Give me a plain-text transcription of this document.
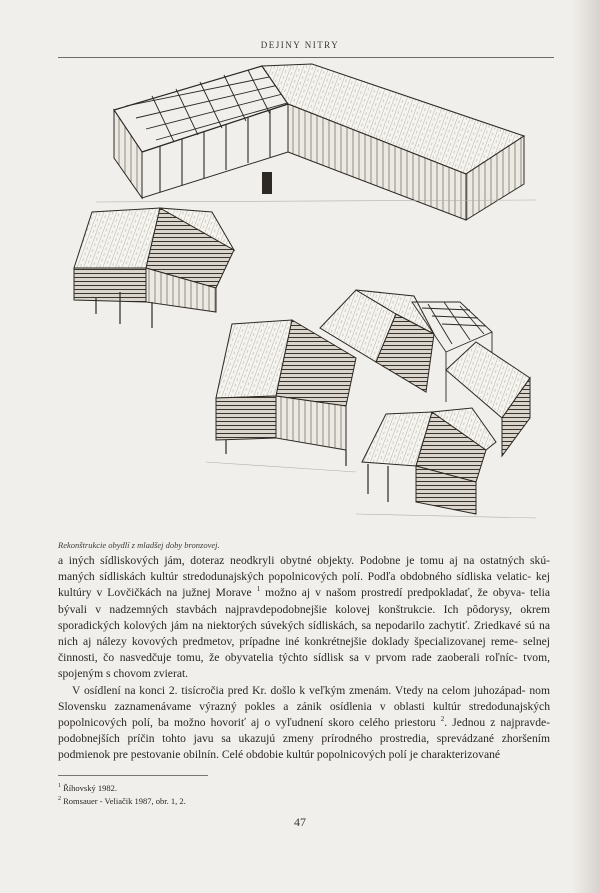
DEJINY NITRY
Rekonštrukcie obydlí z mladšej doby bronzovej.

a iných sídliskových jám, doteraz neodkryli obytné objekty. Podobne je tomu aj na ostatných skú- maných sídliskách kultúr stredodunajských popolnicových polí. Podľa obdobného sídliska velatic- kej kultúry v Lovčičkách na južnej Morave $^1$ možno aj v našom prostredí predpokladať, že obyva- telia bývali v nadzemných stavbách najpravdepodobnejšie kolovej konštrukcie. Ich pôdorysy, okrem sporadických kolových jám na niektorých súvekých sídliskách, sa nepodarilo zachytiť. Zriedkavé sú na nich aj nálezy kovových predmetov, prípadne iné konkrétnejšie doklady špecializovanej reme- selnej činnosti, čo nasvedčuje tomu, že obyvatelia týchto sídlisk sa v prvom rade zaoberali roľníc- tvom, spojeným s chovom zvierat.

V osídlení na konci 2. tisícročia pred Kr. došlo k veľkým zmenám. Vtedy na celom juhozápad- nom Slovensku zaznamenávame výrazný pokles a zánik osídlenia v oblasti kultúr stredodunajských popolnicových polí, ba možno hovoriť aj o vyľudnení skoro celého priestoru $^2$. Jednou z najpravde- podobnejších príčin tohto javu sa ukazujú zmeny prírodného prostredia, sprevádzané zhoršením podmienok pre pestovanie obilnín. Celé obdobie kultúr popolnicových polí je charakterizované

$^1$ Říhovský 1982.
$^2$ Romsauer - Veliačik 1987, obr. 1, 2.
47
